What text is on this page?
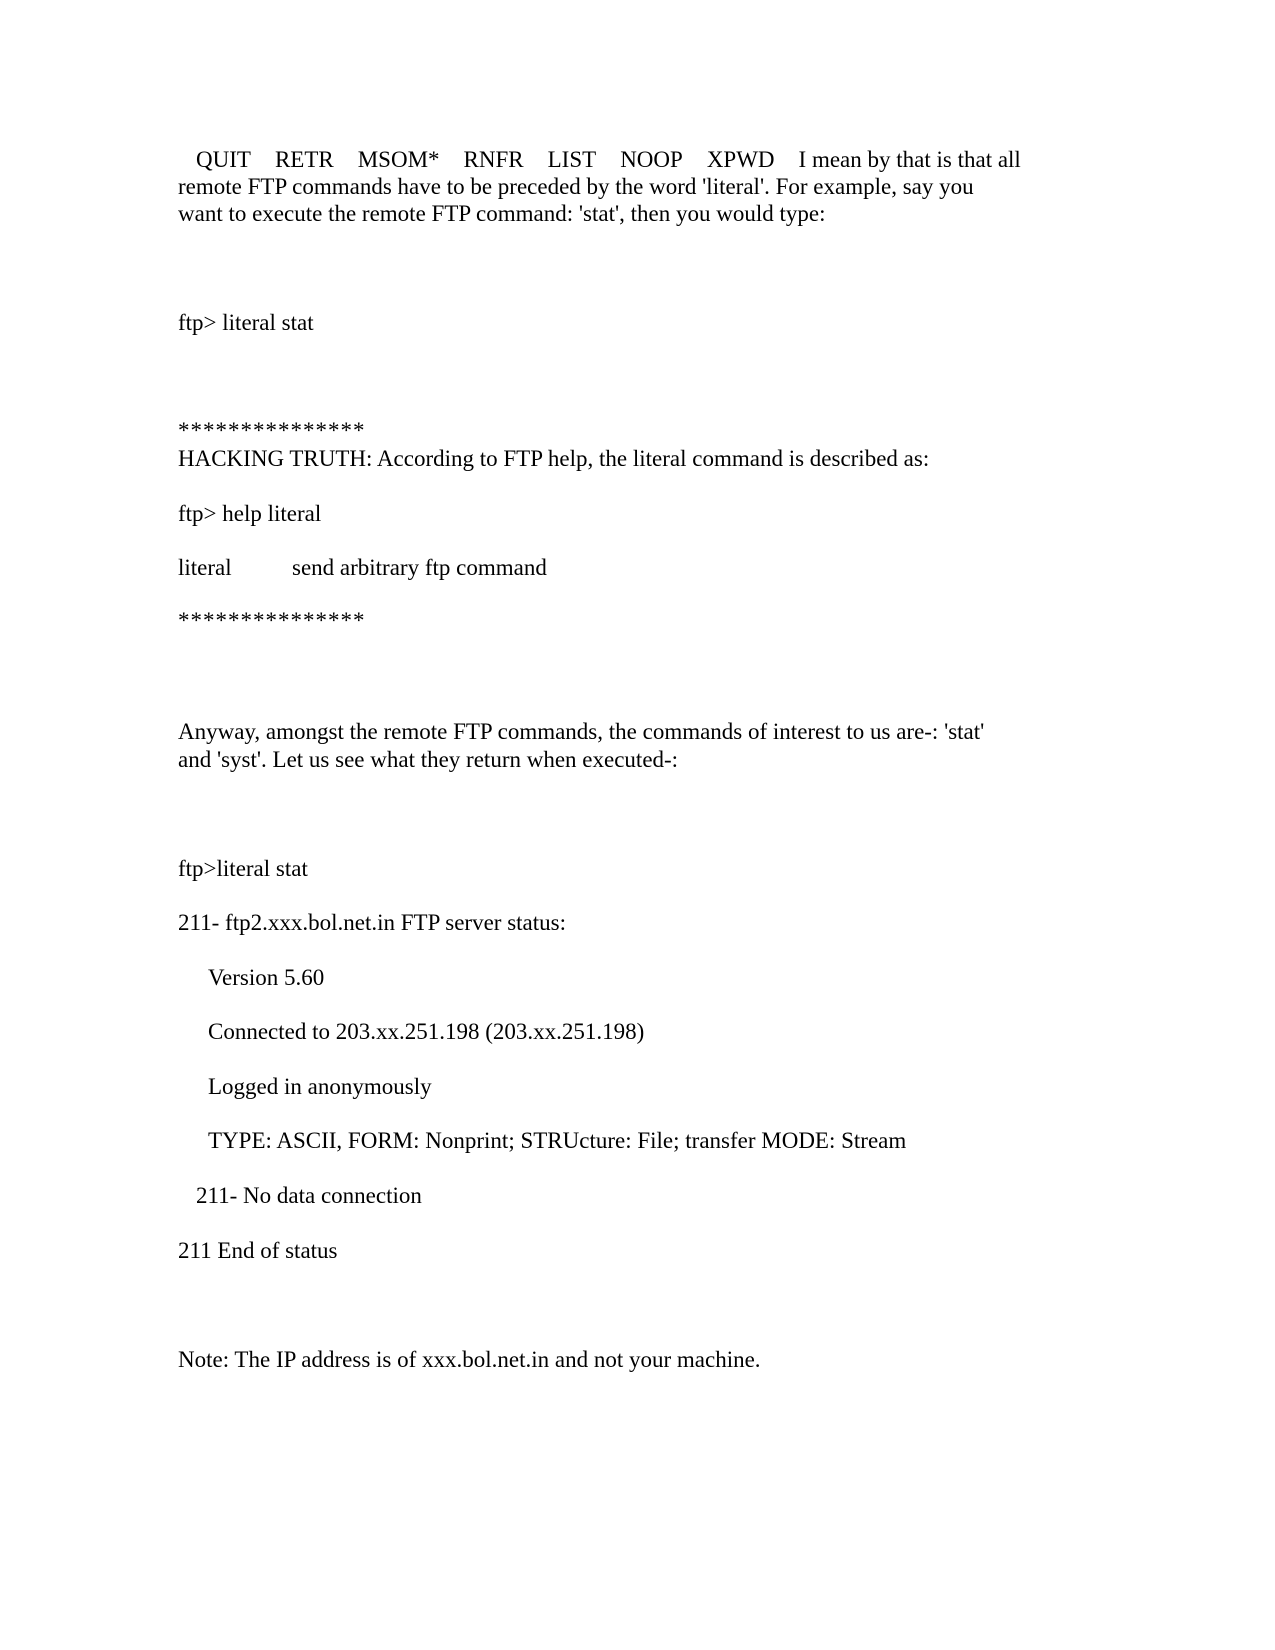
QUIT RETR MSOM* RNFR LIST NOOP XPWD I mean by that is that all

remote FTP commands have to be preceded by the word 'literal'. For example, say you

want to execute the remote FTP command: 'stat', then you would type:

ftp> literal stat

***************

HACKING TRUTH: According to FTP help, the literal command is described as:

ftp> help literal

literal	send arbitrary ftp command

***************

Anyway, amongst the remote FTP commands, the commands of interest to us are-: 'stat'

and 'syst'. Let us see what they return when executed-:

ftp>literal stat

211- ftp2.xxx.bol.net.in FTP server status:

Version 5.60

Connected to 203.xx.251.198 (203.xx.251.198)

Logged in anonymously

TYPE: ASCII, FORM: Nonprint; STRUcture: File; transfer MODE: Stream

211- No data connection

211 End of status

Note: The IP address is of xxx.bol.net.in and not your machine.
